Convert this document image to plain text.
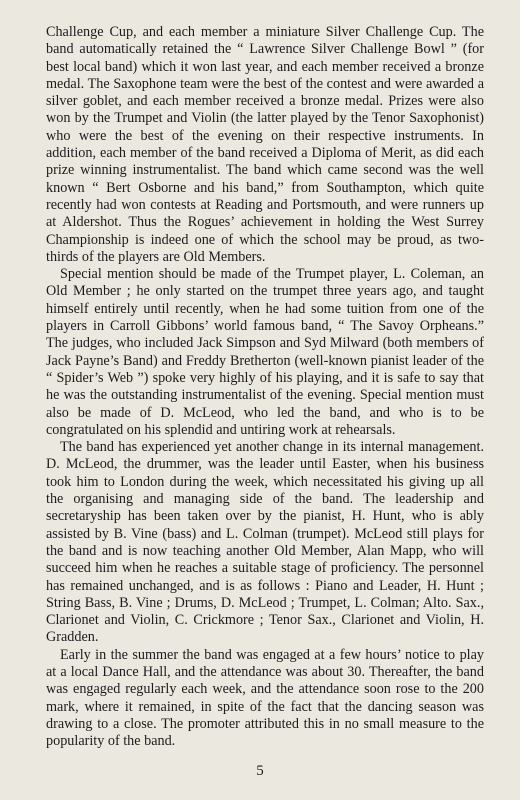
Challenge Cup, and each member a miniature Silver Challenge Cup. The band automatically retained the “ Lawrence Silver Challenge Bowl ” (for best local band) which it won last year, and each member received a bronze medal. The Saxophone team were the best of the contest and were awarded a silver goblet, and each member received a bronze medal. Prizes were also won by the Trumpet and Violin (the latter played by the Tenor Saxophonist) who were the best of the evening on their respective instruments. In addition, each member of the band received a Diploma of Merit, as did each prize winning instrumentalist. The band which came second was the well known “ Bert Osborne and his band,” from Southampton, which quite recently had won contests at Reading and Portsmouth, and were runners up at Aldershot. Thus the Rogues’ achievement in holding the West Surrey Championship is indeed one of which the school may be proud, as two-thirds of the players are Old Members.

Special mention should be made of the Trumpet player, L. Coleman, an Old Member ; he only started on the trumpet three years ago, and taught himself entirely until recently, when he had some tuition from one of the players in Carroll Gibbons’ world famous band, “ The Savoy Orpheans.” The judges, who included Jack Simpson and Syd Milward (both members of Jack Payne’s Band) and Freddy Bretherton (well-known pianist leader of the “ Spider’s Web ”) spoke very highly of his playing, and it is safe to say that he was the outstanding instrumentalist of the evening. Special mention must also be made of D. McLeod, who led the band, and who is to be congratulated on his splendid and untiring work at rehearsals.

The band has experienced yet another change in its internal management. D. McLeod, the drummer, was the leader until Easter, when his business took him to London during the week, which necessitated his giving up all the organising and managing side of the band. The leadership and secretaryship has been taken over by the pianist, H. Hunt, who is ably assisted by B. Vine (bass) and L. Colman (trumpet). McLeod still plays for the band and is now teaching another Old Member, Alan Mapp, who will succeed him when he reaches a suitable stage of proficiency. The personnel has remained unchanged, and is as follows : Piano and Leader, H. Hunt ; String Bass, B. Vine ; Drums, D. McLeod ; Trumpet, L. Colman; Alto. Sax., Clarionet and Violin, C. Crickmore ; Tenor Sax., Clarionet and Violin, H. Gradden.

Early in the summer the band was engaged at a few hours’ notice to play at a local Dance Hall, and the attendance was about 30. Thereafter, the band was engaged regularly each week, and the attendance soon rose to the 200 mark, where it remained, in spite of the fact that the dancing season was drawing to a close. The promoter attributed this in no small measure to the popularity of the band.

5
